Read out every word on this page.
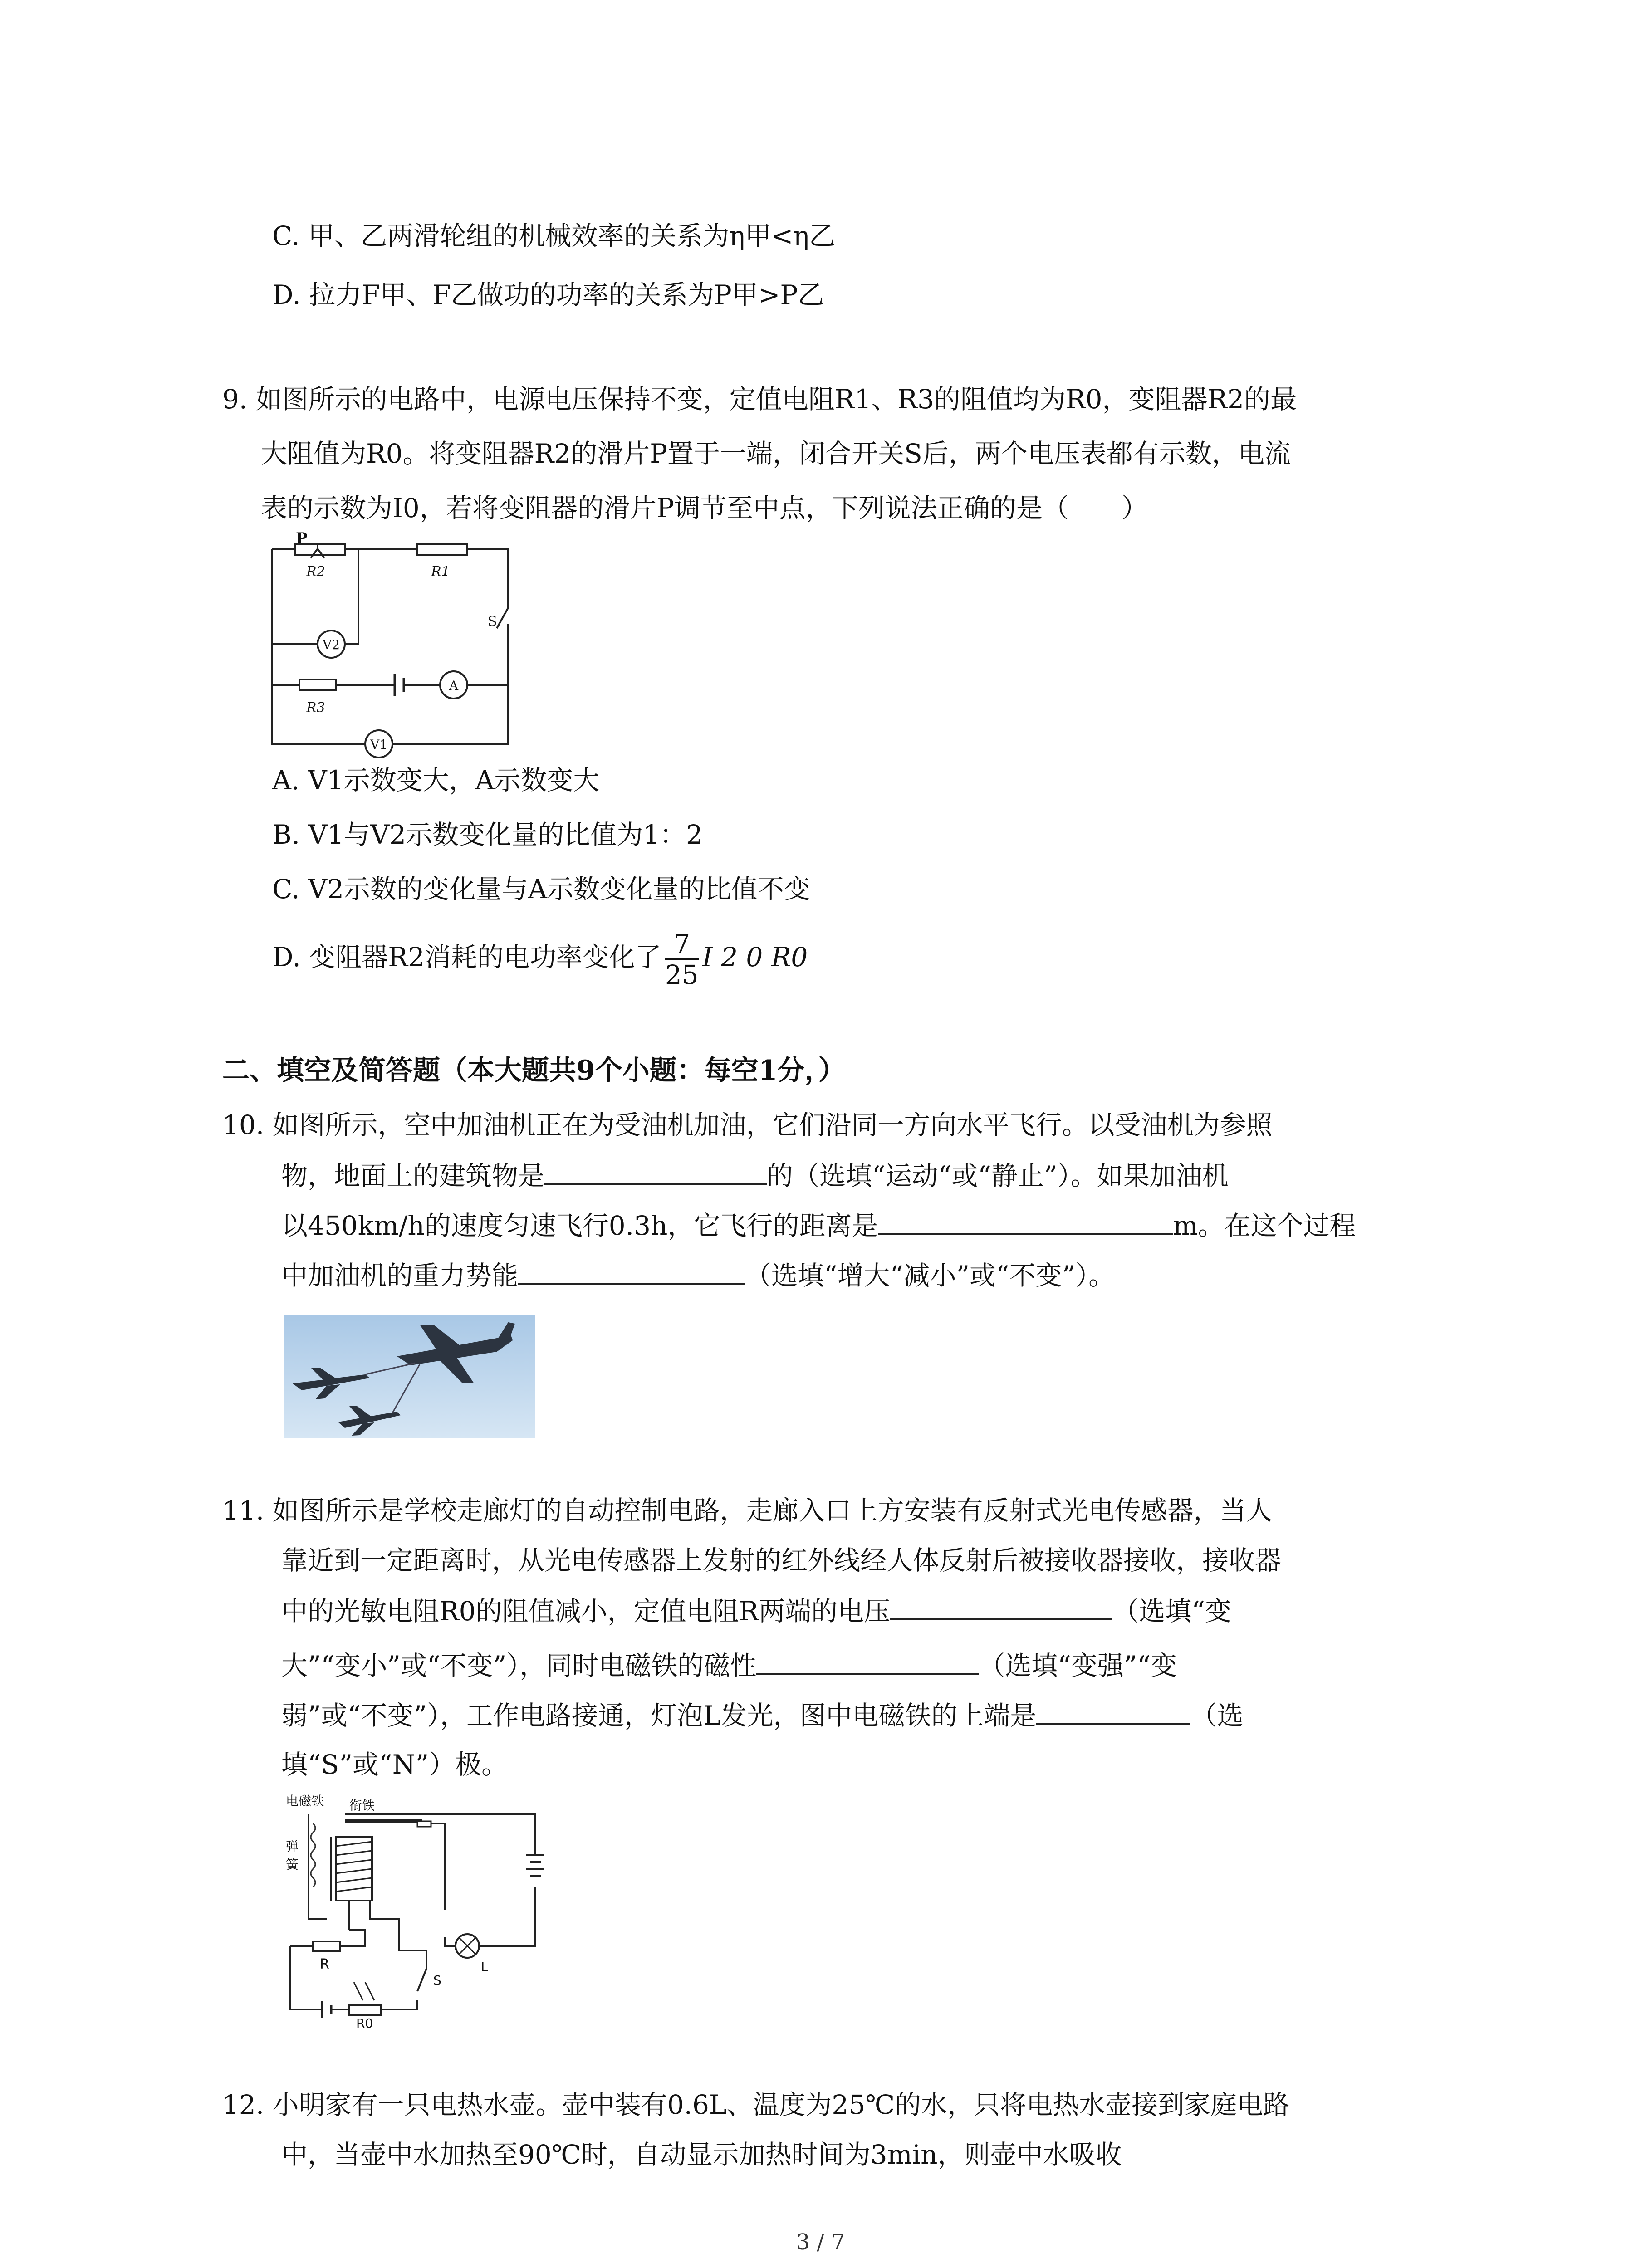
C. 甲、乙两滑轮组的机械效率的关系为η甲<η乙
D. 拉力F甲、F乙做功的功率的关系为P甲>P乙
9. 如图所示的电路中，电源电压保持不变，定值电阻R1、R3的阻值均为R0，变阻器R2的最
大阻值为R0。将变阻器R2的滑片P置于一端，闭合开关S后，两个电压表都有示数，电流
表的示数为I0，若将变阻器的滑片P调节至中点，下列说法正确的是（　　）
P
R2	R1
S
V2
R3
A
V1
A. V1示数变大，A示数变大
B. V1与V2示数变化量的比值为1：2
C. V2示数的变化量与A示数变化量的比值不变
D. 变阻器R2消耗的电功率变化了 $\frac{7}{25}$ I 2 0 R0
二、填空及简答题（本大题共9个小题：每空1分，）
10. 如图所示，空中加油机正在为受油机加油，它们沿同一方向水平飞行。以受油机为参照
物，地面上的建筑物是	的（选填“运动“或“静止”）。如果加油机
以450km/h的速度匀速飞行0.3h，它飞行的距离是	m。在这个过程
中加油机的重力势能	（选填“增大“减小”或“不变”）。
11. 如图所示是学校走廊灯的自动控制电路，走廊入口上方安装有反射式光电传感器，当人
靠近到一定距离时，从光电传感器上发射的红外线经人体反射后被接收器接收，接收器
中的光敏电阻R0的阻值减小，定值电阻R两端的电压	（选填“变
大”“变小”或“不变”），同时电磁铁的磁性	（选填“变强”“变
弱”或“不变”），工作电路接通，灯泡L发光，图中电磁铁的上端是	（选
填“S”或“N”）极。
电磁铁 衔铁
弹
簧
R
S
L
R0
12. 小明家有一只电热水壶。壶中装有0.6L、温度为25℃的水，只将电热水壶接到家庭电路
中，当壶中水加热至90℃时，自动显示加热时间为3min，则壶中水吸收
3 / 7
